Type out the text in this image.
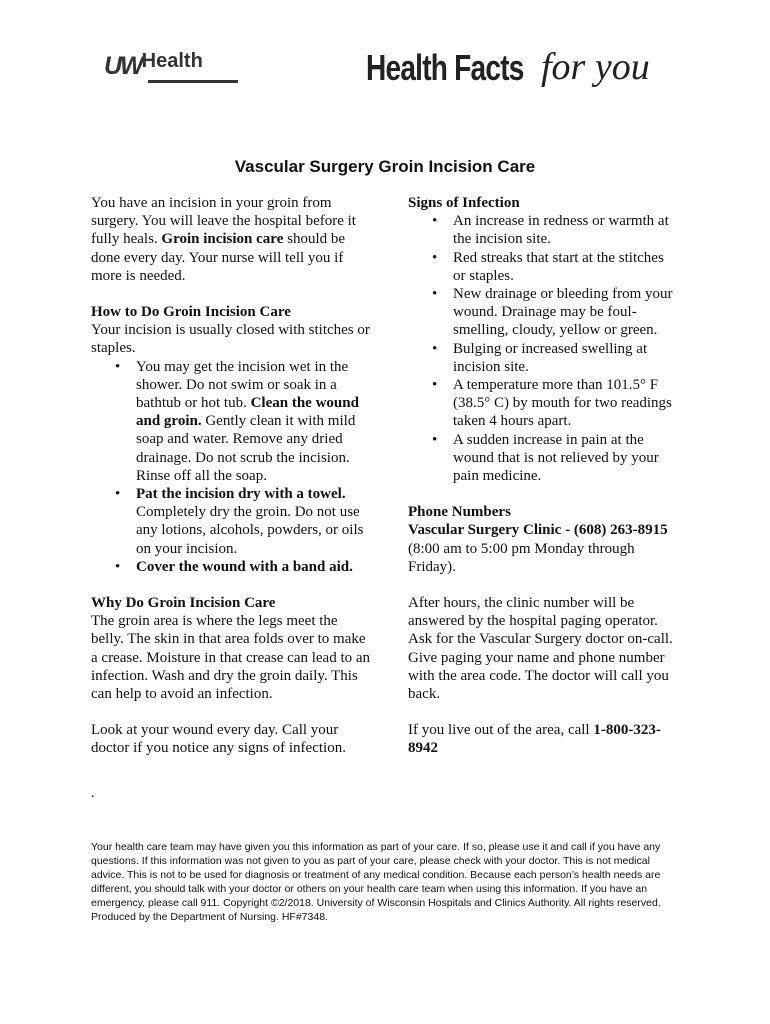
UWHealth	Health Facts for you
Vascular Surgery Groin Incision Care

You have an incision in your groin from surgery. You will leave the hospital before it fully heals. Groin incision care should be done every day. Your nurse will tell you if more is needed.

How to Do Groin Incision Care

Your incision is usually closed with stitches or staples.

• You may get the incision wet in the shower. Do not swim or soak in a bathtub or hot tub. Clean the wound and groin. Gently clean it with mild soap and water. Remove any dried drainage. Do not scrub the incision. Rinse off all the soap.
• Pat the incision dry with a towel. Completely dry the groin. Do not use any lotions, alcohols, powders, or oils on your incision.
• Cover the wound with a band aid.
Why Do Groin Incision Care

The groin area is where the legs meet the belly. The skin in that area folds over to make a crease. Moisture in that crease can lead to an infection. Wash and dry the groin daily. This can help to avoid an infection.

Look at your wound every day. Call your doctor if you notice any signs of infection.

Signs of Infection
• An increase in redness or warmth at the incision site.
• Red streaks that start at the stitches or staples.
• New drainage or bleeding from your wound. Drainage may be foul-smelling, cloudy, yellow or green.
• Bulging or increased swelling at incision site.
• A temperature more than 101.5° F (38.5° C) by mouth for two readings taken 4 hours apart.
• A sudden increase in pain at the wound that is not relieved by your pain medicine.
Phone Numbers

Vascular Surgery Clinic - (608) 263-8915

(8:00 am to 5:00 pm Monday through Friday).

After hours, the clinic number will be answered by the hospital paging operator. Ask for the Vascular Surgery doctor on-call. Give paging your name and phone number with the area code. The doctor will call you back.

If you live out of the area, call 1-800-323-8942

.
Your health care team may have given you this information as part of your care. If so, please use it and call if you have any questions. If this information was not given to you as part of your care, please check with your doctor. This is not medical advice. This is not to be used for diagnosis or treatment of any medical condition. Because each person’s health needs are different, you should talk with your doctor or others on your health care team when using this information. If you have an emergency, please call 911. Copyright ©2/2018. University of Wisconsin Hospitals and Clinics Authority. All rights reserved. Produced by the Department of Nursing. HF#7348.
